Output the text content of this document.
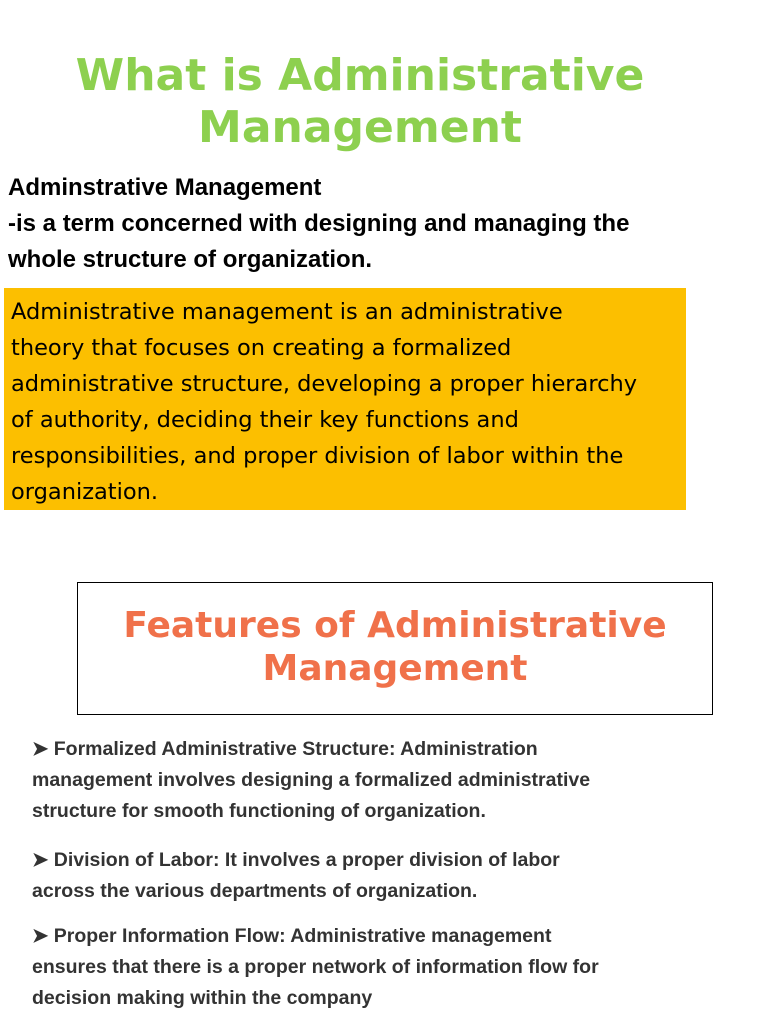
What is Administrative
Management
Adminstrative Management
-is a term concerned with designing and managing the
whole structure of organization.
Administrative management is an administrative
theory that focuses on creating a formalized
administrative structure, developing a proper hierarchy
of authority, deciding their key functions and
responsibilities, and proper division of labor within the
organization.
Features of Administrative
Management
➤ Formalized Administrative Structure: Administration
management involves designing a formalized administrative
structure for smooth functioning of organization.
➤ Division of Labor: It involves a proper division of labor
across the various departments of organization.
➤ Proper Information Flow: Administrative management
ensures that there is a proper network of information flow for
decision making within the company
